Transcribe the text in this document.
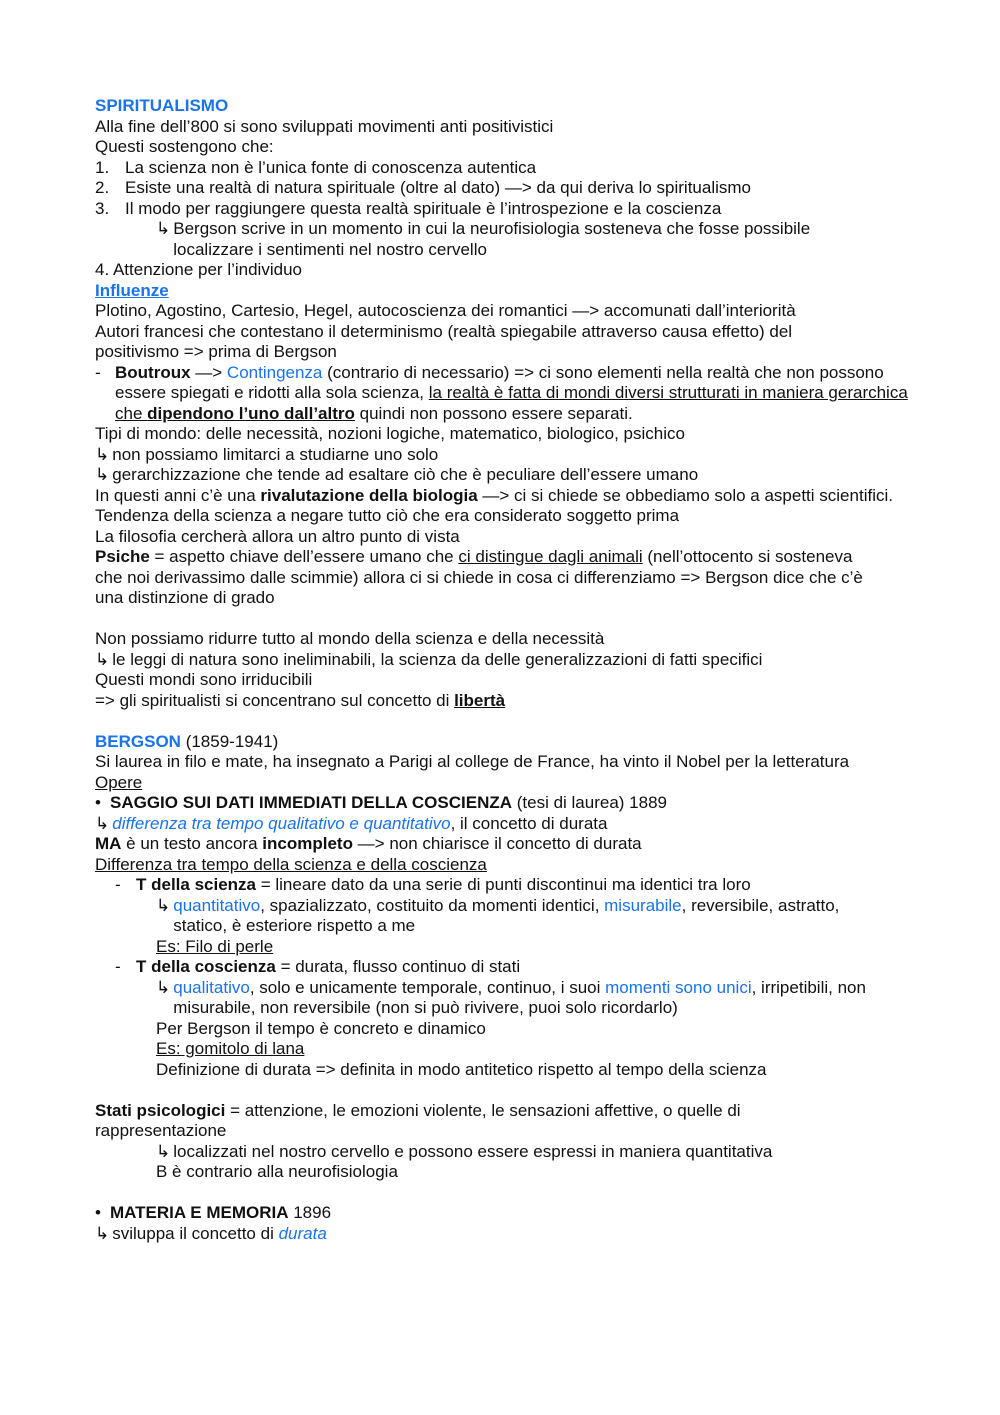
SPIRITUALISMO
Alla fine dell’800 si sono sviluppati movimenti anti positivistici
Questi sostengono che:
1. La scienza non è l’unica fonte di conoscenza autentica
2. Esiste una realtà di natura spirituale (oltre al dato) —> da qui deriva lo spiritualismo
3. Il modo per raggiungere questa realtà spirituale è l’introspezione e la coscienza
↳ Bergson scrive in un momento in cui la neurofisiologia sosteneva che fosse possibile localizzare i sentimenti nel nostro cervello
4. Attenzione per l’individuo
Influenze
Plotino, Agostino, Cartesio, Hegel, autocoscienza dei romantici —> accomunati dall’interiorità
Autori francesi che contestano il determinismo (realtà spiegabile attraverso causa effetto) del positivismo => prima di Bergson
- Boutroux —> Contingenza (contrario di necessario) => ci sono elementi nella realtà che non possono essere spiegati e ridotti alla sola scienza, la realtà è fatta di mondi diversi strutturati in maniera gerarchica che dipendono l’uno dall’altro quindi non possono essere separati.
Tipi di mondo: delle necessità, nozioni logiche, matematico, biologico, psichico
↳ non possiamo limitarci a studiarne uno solo
↳ gerarchizzazione che tende ad esaltare ciò che è peculiare dell’essere umano
In questi anni c’è una rivalutazione della biologia —> ci si chiede se obbediamo solo a aspetti scientifici. Tendenza della scienza a negare tutto ciò che era considerato soggetto prima
La filosofia cercherà allora un altro punto di vista
Psiche = aspetto chiave dell’essere umano che ci distingue dagli animali (nell’ottocento si sosteneva che noi derivassimo dalle scimmie) allora ci si chiede in cosa ci differenziamo => Bergson dice che c’è una distinzione di grado
Non possiamo ridurre tutto al mondo della scienza e della necessità
↳ le leggi di natura sono ineliminabili, la scienza da delle generalizzazioni di fatti specifici
Questi mondi sono irriducibili
=> gli spiritualisti si concentrano sul concetto di libertà
BERGSON (1859-1941)
Si laurea in filo e mate, ha insegnato a Parigi al college de France, ha vinto il Nobel per la letteratura
Opere
• SAGGIO SUI DATI IMMEDIATI DELLA COSCIENZA (tesi di laurea) 1889
↳ differenza tra tempo qualitativo e quantitativo, il concetto di durata
MA è un testo ancora incompleto —> non chiarisce il concetto di durata
Differenza tra tempo della scienza e della coscienza
- T della scienza = lineare dato da una serie di punti discontinui ma identici tra loro
↳ quantitativo, spazializzato, costituito da momenti identici, misurabile, reversibile, astratto, statico, è esteriore rispetto a me
Es: Filo di perle
- T della coscienza = durata, flusso continuo di stati
↳ qualitativo, solo e unicamente temporale, continuo, i suoi momenti sono unici, irripetibili, non misurabile, non reversibile (non si può rivivere, puoi solo ricordarlo)
Per Bergson il tempo è concreto e dinamico
Es: gomitolo di lana
Definizione di durata => definita in modo antitetico rispetto al tempo della scienza
Stati psicologici = attenzione, le emozioni violente, le sensazioni affettive, o quelle di rappresentazione
↳ localizzati nel nostro cervello e possono essere espressi in maniera quantitativa
B è contrario alla neurofisiologia
• MATERIA E MEMORIA 1896
↳ sviluppa il concetto di durata
